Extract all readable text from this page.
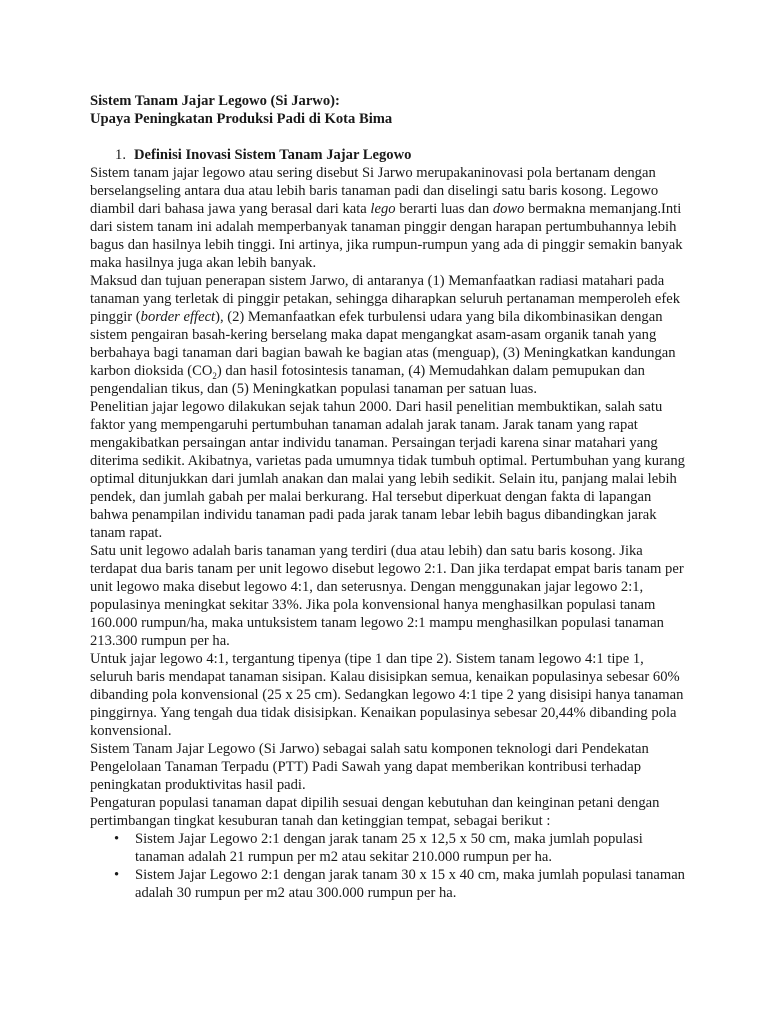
Sistem Tanam Jajar Legowo (Si Jarwo):

Upaya Peningkatan Produksi Padi di Kota Bima

1. Definisi Inovasi Sistem Tanam Jajar Legowo

Sistem tanam jajar legowo atau sering disebut Si Jarwo merupakaninovasi pola bertanam dengan berselangseling antara dua atau lebih baris tanaman padi dan diselingi satu baris kosong. Legowo diambil dari bahasa jawa yang berasal dari kata lego berarti luas dan dowo bermakna memanjang.Inti dari sistem tanam ini adalah memperbanyak tanaman pinggir dengan harapan pertumbuhannya lebih bagus dan hasilnya lebih tinggi. Ini artinya, jika rumpun-rumpun yang ada di pinggir semakin banyak maka hasilnya juga akan lebih banyak.

Maksud dan tujuan penerapan sistem Jarwo, di antaranya (1) Memanfaatkan radiasi matahari pada tanaman yang terletak di pinggir petakan, sehingga diharapkan seluruh pertanaman memperoleh efek pinggir (border effect), (2) Memanfaatkan efek turbulensi udara yang bila dikombinasikan dengan sistem pengairan basah-kering berselang maka dapat mengangkat asam-asam organik tanah yang berbahaya bagi tanaman dari bagian bawah ke bagian atas (menguap), (3) Meningkatkan kandungan karbon dioksida $(CO_2)$ dan hasil fotosintesis tanaman, (4) Memudahkan dalam pemupukan dan pengendalian tikus, dan (5) Meningkatkan populasi tanaman per satuan luas.

Penelitian jajar legowo dilakukan sejak tahun 2000. Dari hasil penelitian membuktikan, salah satu faktor yang mempengaruhi pertumbuhan tanaman adalah jarak tanam. Jarak tanam yang rapat mengakibatkan persaingan antar individu tanaman. Persaingan terjadi karena sinar matahari yang diterima sedikit. Akibatnya, varietas pada umumnya tidak tumbuh optimal. Pertumbuhan yang kurang optimal ditunjukkan dari jumlah anakan dan malai yang lebih sedikit. Selain itu, panjang malai lebih pendek, dan jumlah gabah per malai berkurang. Hal tersebut diperkuat dengan fakta di lapangan bahwa penampilan individu tanaman padi pada jarak tanam lebar lebih bagus dibandingkan jarak tanam rapat.

Satu unit legowo adalah baris tanaman yang terdiri (dua atau lebih) dan satu baris kosong. Jika terdapat dua baris tanam per unit legowo disebut legowo 2:1. Dan jika terdapat empat baris tanam per unit legowo maka disebut legowo 4:1, dan seterusnya. Dengan menggunakan jajar legowo 2:1, populasinya meningkat sekitar 33%. Jika pola konvensional hanya menghasilkan populasi tanam 160.000 rumpun/ha, maka untuksistem tanam legowo 2:1 mampu menghasilkan populasi tanaman 213.300 rumpun per ha.

Untuk jajar legowo 4:1, tergantung tipenya (tipe 1 dan tipe 2). Sistem tanam legowo 4:1 tipe 1, seluruh baris mendapat tanaman sisipan. Kalau disisipkan semua, kenaikan populasinya sebesar 60% dibanding pola konvensional (25 x 25 cm). Sedangkan legowo 4:1 tipe 2 yang disisipi hanya tanaman pinggirnya. Yang tengah dua tidak disisipkan. Kenaikan populasinya sebesar 20,44% dibanding pola konvensional.

Sistem Tanam Jajar Legowo (Si Jarwo) sebagai salah satu komponen teknologi dari Pendekatan Pengelolaan Tanaman Terpadu (PTT) Padi Sawah yang dapat memberikan kontribusi terhadap peningkatan produktivitas hasil padi.

Pengaturan populasi tanaman dapat dipilih sesuai dengan kebutuhan dan keinginan petani dengan pertimbangan tingkat kesuburan tanah dan ketinggian tempat, sebagai berikut :

• Sistem Jajar Legowo 2:1 dengan jarak tanam 25 x 12,5 x 50 cm, maka jumlah populasi tanaman adalah 21 rumpun per m2 atau sekitar 210.000 rumpun per ha.
• Sistem Jajar Legowo 2:1 dengan jarak tanam 30 x 15 x 40 cm, maka jumlah populasi tanaman adalah 30 rumpun per m2 atau 300.000 rumpun per ha.
